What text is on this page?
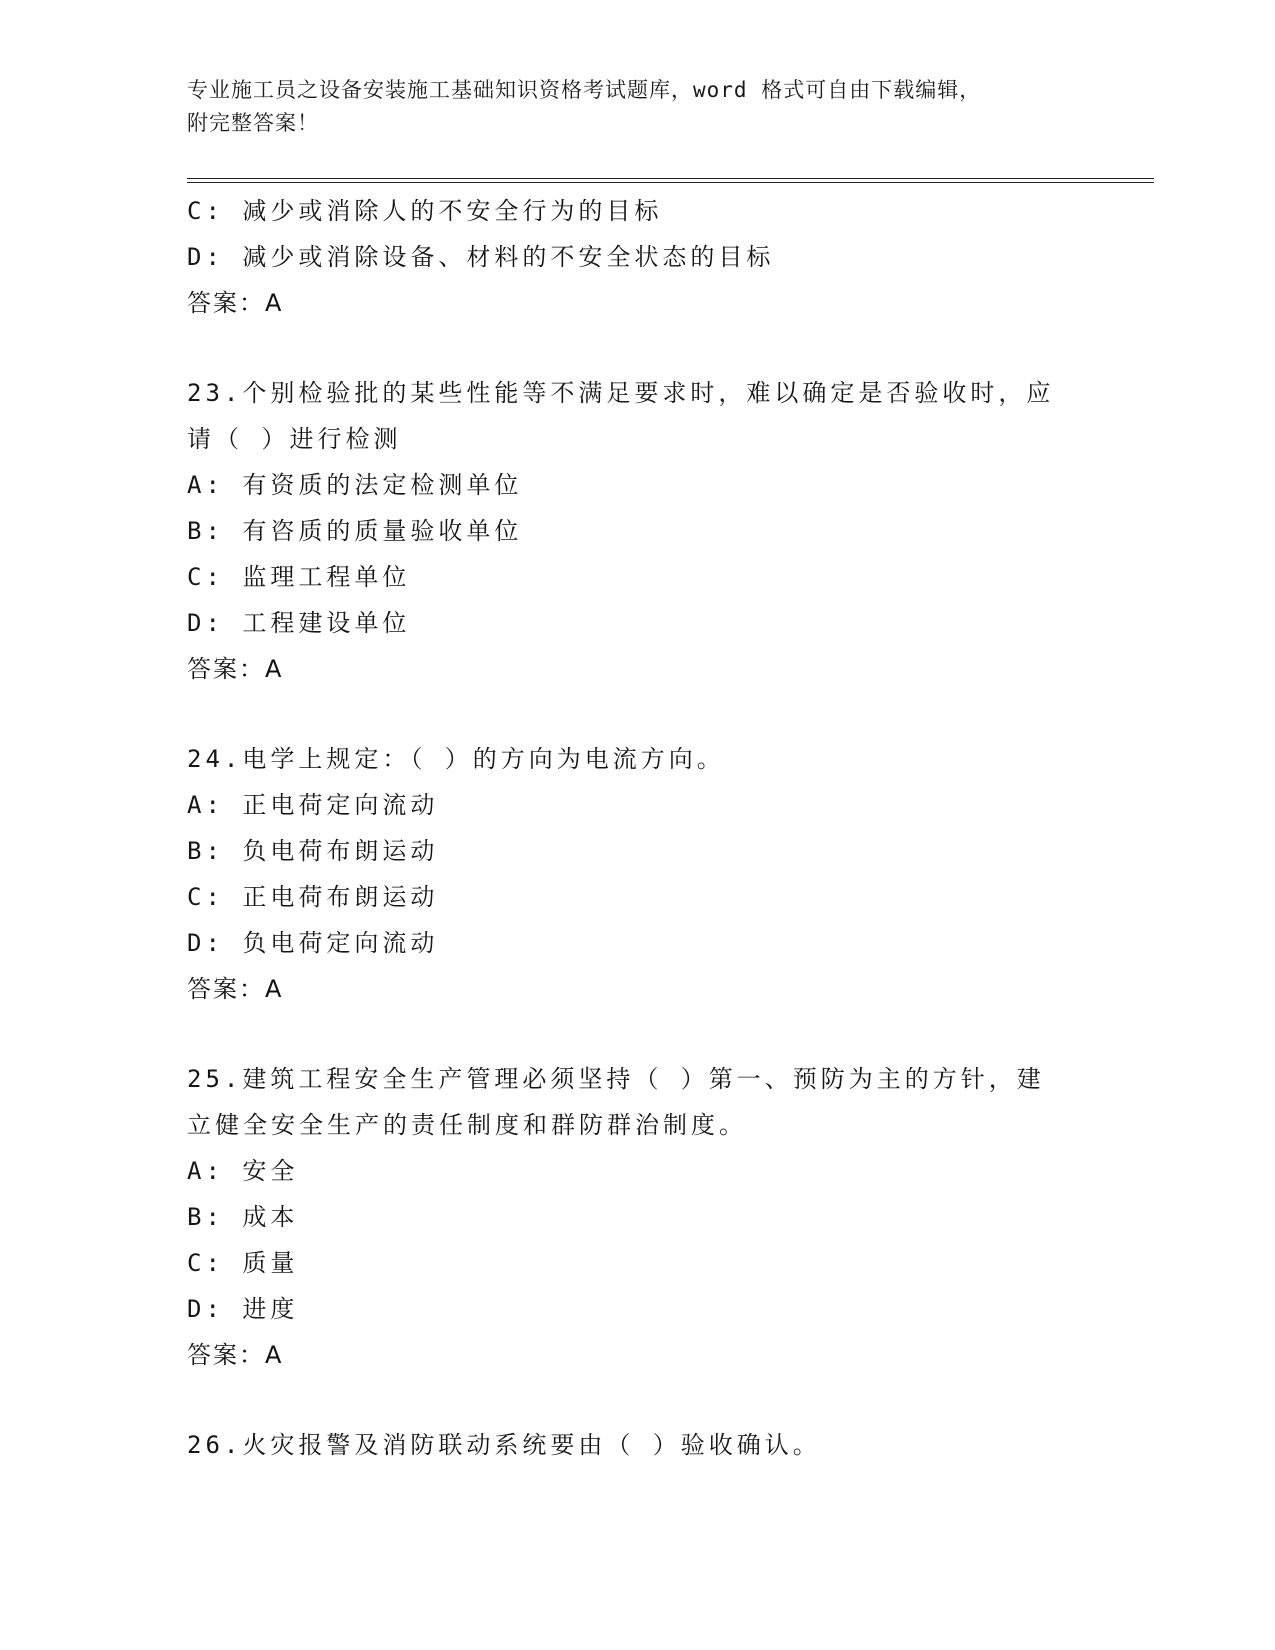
专业施工员之设备安装施工基础知识资格考试题库，word 格式可自由下载编辑，
附完整答案！
C: 减少或消除人的不安全行为的目标
D: 减少或消除设备、材料的不安全状态的目标
答案：A
23.个别检验批的某些性能等不满足要求时，难以确定是否验收时，应
请（ ）进行检测
A: 有资质的法定检测单位
B: 有咨质的质量验收单位
C: 监理工程单位
D: 工程建设单位
答案：A
24.电学上规定：（ ）的方向为电流方向。
A: 正电荷定向流动
B: 负电荷布朗运动
C: 正电荷布朗运动
D: 负电荷定向流动
答案：A
25.建筑工程安全生产管理必须坚持（ ）第一、预防为主的方针，建
立健全安全生产的责任制度和群防群治制度。
A: 安全
B: 成本
C: 质量
D: 进度
答案：A
26.火灾报警及消防联动系统要由（ ）验收确认。
